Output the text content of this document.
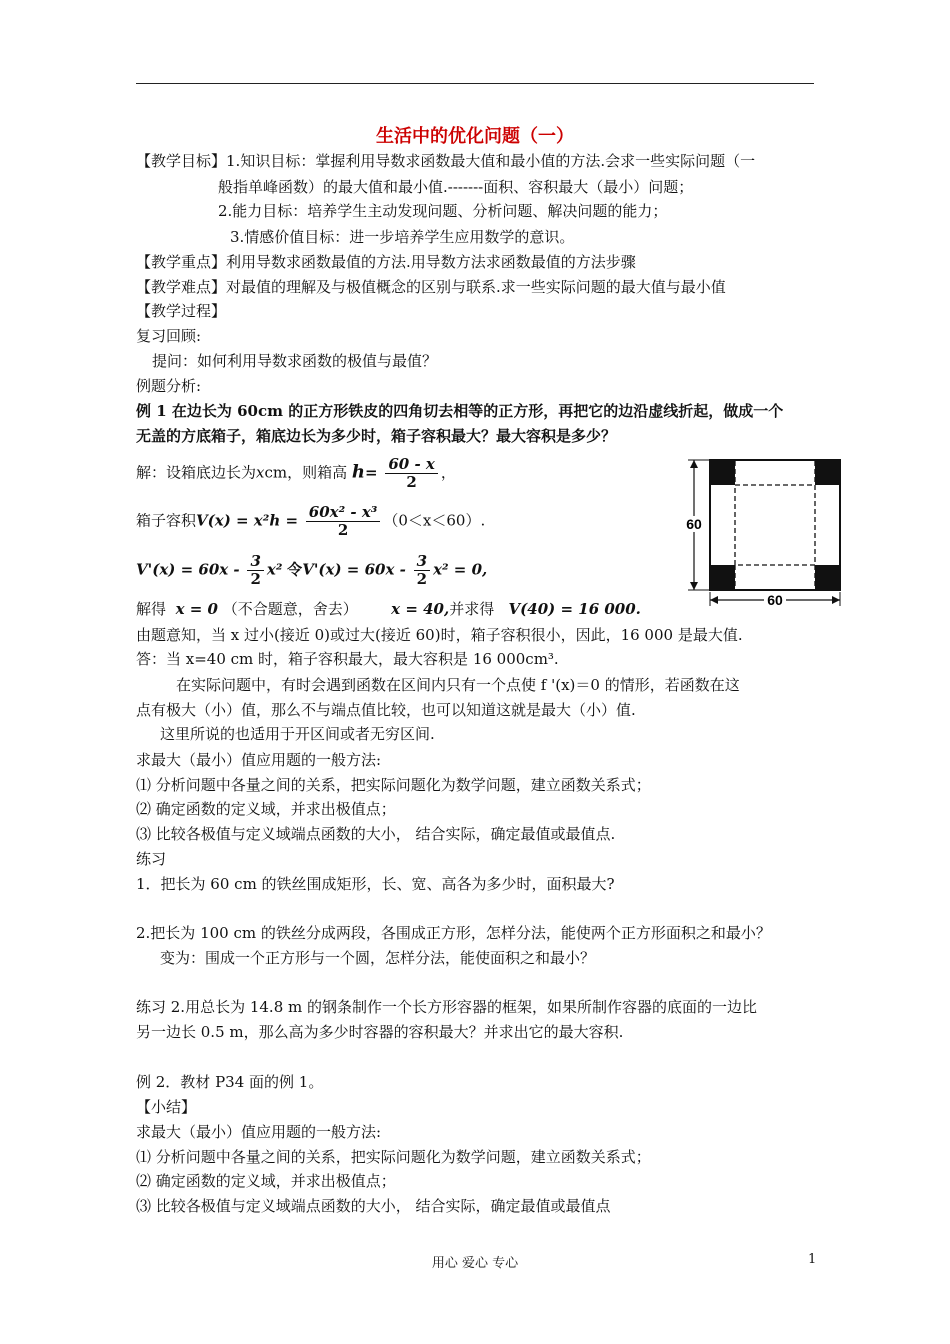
生活中的优化问题（一）
【教学目标】1.知识目标：掌握利用导数求函数最大值和最小值的方法.会求一些实际问题（一
般指单峰函数）的最大值和最小值.-------面积、容积最大（最小）问题；
2.能力目标：培养学生主动发现问题、分析问题、解决问题的能力；
3.情感价值目标：进一步培养学生应用数学的意识。
【教学重点】利用导数求函数最值的方法.用导数方法求函数最值的方法步骤
【教学难点】对最值的理解及与极值概念的区别与联系.求一些实际问题的最大值与最小值
【教学过程】
复习回顾:
提问：如何利用导数求函数的极值与最值？
例题分析:
例 1 在边长为 60cm 的正方形铁皮的四角切去相等的正方形，再把它的边沿虚线折起，做成一个
无盖的方底箱子，箱底边长为多少时，箱子容积最大？最大容积是多少？
解：设箱底边长为xcm，则箱高 $h= \frac{60 - x}{2}$ ，
箱子容积$V(x) = x^2h = \frac{\text{60x² - x³}}{2} (0<x<60)$.
$V'(x) = 60x - \frac{3}{2} x^2$ 令$V'(x) = 60x - \frac{3}{2} x^2 = 0$,
解得 x = 0 （不合题意，舍去） x = 40,并求得 V(40) = 16 000.
由题意知，当 x 过小(接近 0)或过大(接近 60)时，箱子容积很小，因此，16 000 是最大值.
答：当 x=40 cm 时，箱子容积最大，最大容积是 16 000cm³.
在实际问题中，有时会遇到函数在区间内只有一个点使 f '(x)＝0 的情形，若函数在这
点有极大（小）值，那么不与端点值比较，也可以知道这就是最大（小）值.
这里所说的也适用于开区间或者无穷区间.
求最大（最小）值应用题的一般方法:
⑴ 分析问题中各量之间的关系，把实际问题化为数学问题，建立函数关系式；
⑵ 确定函数的定义域，并求出极值点；
⑶ 比较各极值与定义域端点函数的大小， 结合实际，确定最值或最值点.
练习
1．把长为 60 cm 的铁丝围成矩形，长、宽、高各为多少时，面积最大?
2.把长为 100 cm 的铁丝分成两段，各围成正方形，怎样分法，能使两个正方形面积之和最小？
变为：围成一个正方形与一个圆，怎样分法，能使面积之和最小？
练习 2.用总长为 14.8 m 的钢条制作一个长方形容器的框架，如果所制作容器的底面的一边比
另一边长 0.5 m，那么高为多少时容器的容积最大？并求出它的最大容积.
例 2．教材 P34 面的例 1。
【小结】
求最大（最小）值应用题的一般方法:
⑴ 分析问题中各量之间的关系，把实际问题化为数学问题，建立函数关系式；
⑵ 确定函数的定义域，并求出极值点；
⑶ 比较各极值与定义域端点函数的大小， 结合实际，确定最值或最值点
60
60
用心 爱心 专心	1
